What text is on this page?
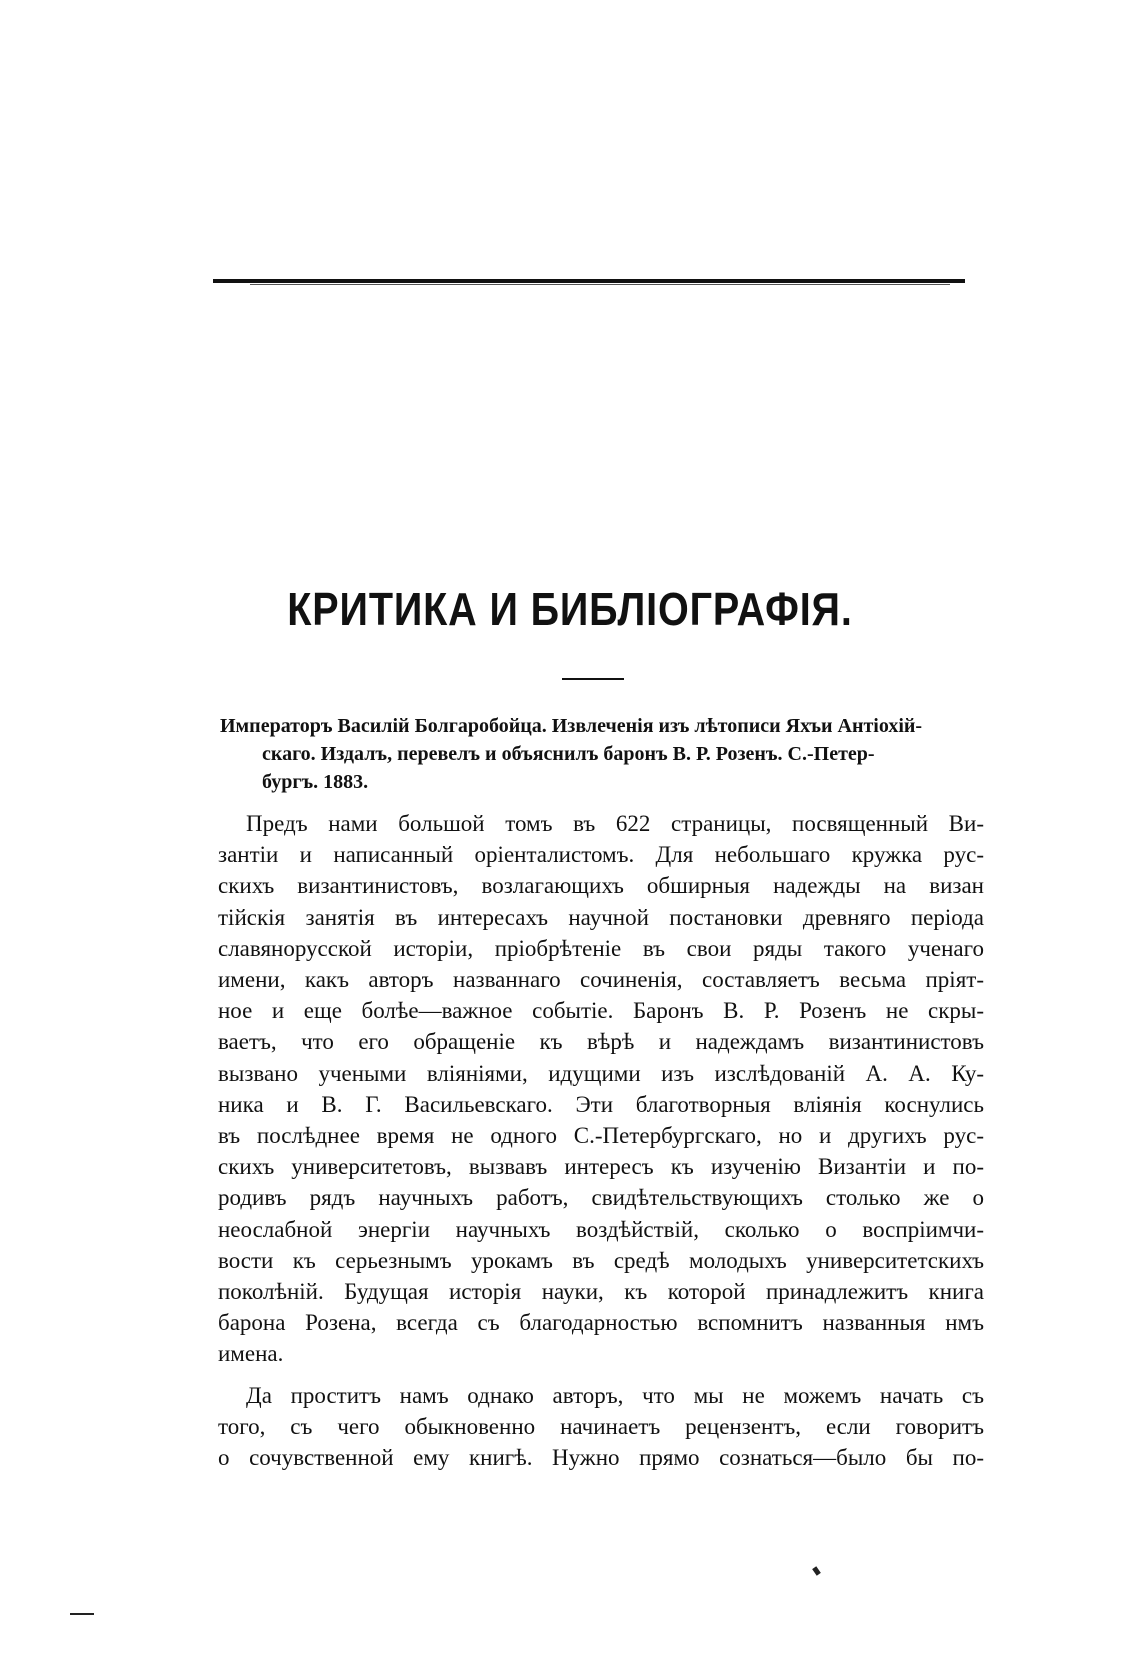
КРИТИКА И БИБЛIОГРАФIЯ.
Императоръ Василiй Болгаробойца. Извлеченiя изъ лѣтописи Яхъи Антiохiй-
скаго. Издалъ, перевелъ и объяснилъ баронъ В. Р. Розенъ. С.-Петер-
бургъ. 1883.
Предъ нами большой томъ въ 622 страницы, посвященный Ви-
зантiи и написанный орiенталистомъ. Для небольшаго кружка рус-
скихъ византинистовъ, возлагающихъ обширныя надежды на визан
тiйскiя занятiя въ интересахъ научной постановки древняго перiода
славянорусской исторiи, прiобрѣтенiе въ свои ряды такого ученаго
имени, какъ авторъ названнаго сочиненiя, составляетъ весьма прiят-
ное и еще болѣе—важное событiе. Баронъ В. Р. Розенъ не скры-
ваетъ, что его обращенiе къ вѣрѣ и надеждамъ византинистовъ
вызвано учеными влiянiями, идущими изъ изслѣдованiй А. А. Ку-
ника и В. Г. Васильевскаго. Эти благотворныя влiянiя коснулись
въ послѣднее время не одного С.-Петербургскаго, но и другихъ рус-
скихъ университетовъ, вызвавъ интересъ къ изученiю Византiи и по-
родивъ рядъ научныхъ работъ, свидѣтельствующихъ столько же о
неослабной энергiи научныхъ воздѣйствiй, сколько о воспрiимчи-
вости къ серьезнымъ урокамъ въ средѣ молодыхъ университетскихъ
поколѣнiй. Будущая исторiя науки, къ которой принадлежитъ книга
барона Розена, всегда съ благодарностью вспомнитъ названныя нмъ
имена.
Да проститъ намъ однако авторъ, что мы не можемъ начать съ
того, съ чего обыкновенно начинаетъ рецензентъ, если говоритъ
о сочувственной ему книгѣ. Нужно прямо сознаться—было бы по-
